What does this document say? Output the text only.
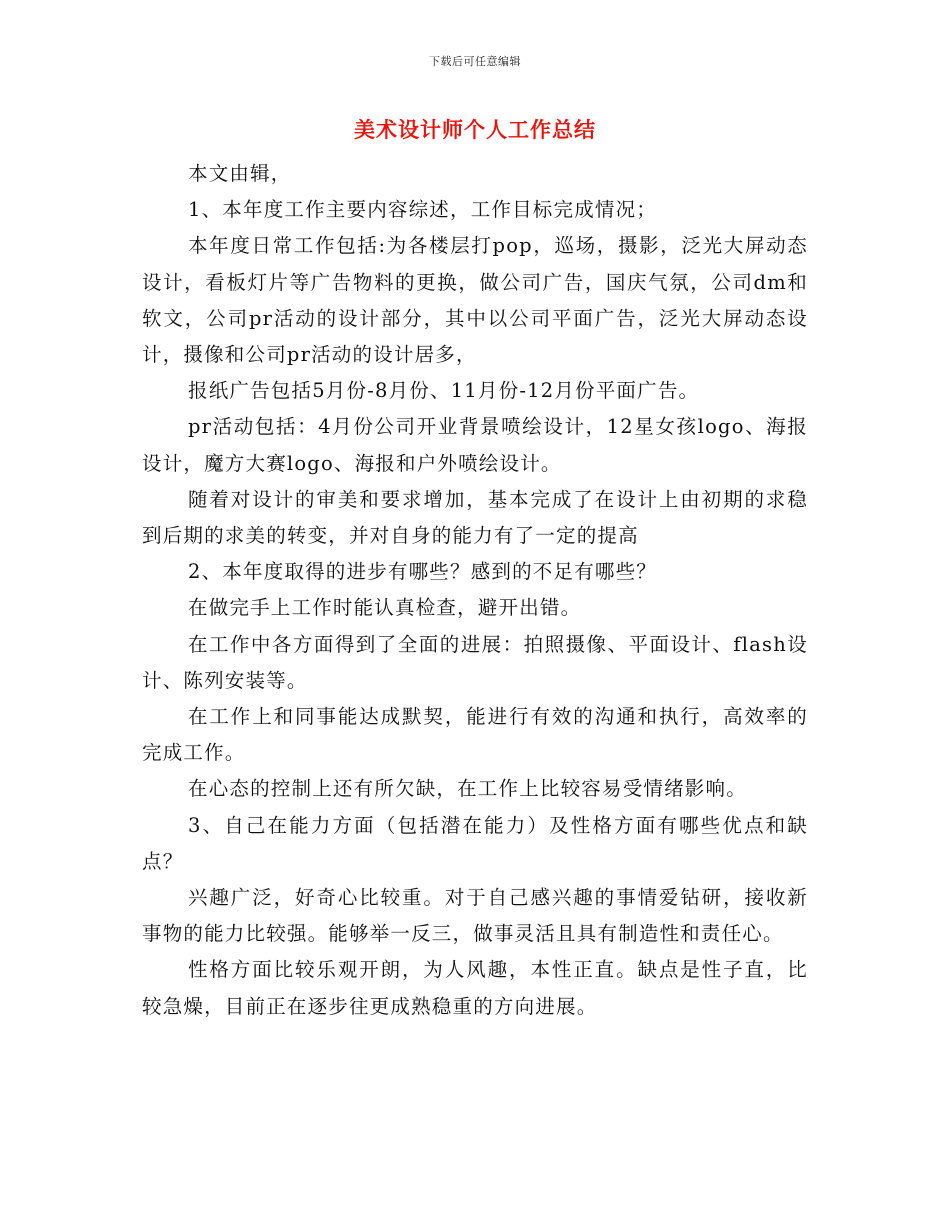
下载后可任意编辑
美术设计师个人工作总结

本文由辑，

1、本年度工作主要内容综述，工作目标完成情况；

本年度日常工作包括:为各楼层打pop，巡场，摄影，泛光大屏动态设计，看板灯片等广告物料的更换，做公司广告，国庆气氛，公司dm和软文，公司pr活动的设计部分，其中以公司平面广告，泛光大屏动态设计，摄像和公司pr活动的设计居多，

报纸广告包括5月份-8月份、11月份-12月份平面广告。

pr活动包括：4月份公司开业背景喷绘设计，12星女孩logo、海报设计，魔方大赛logo、海报和户外喷绘设计。

随着对设计的审美和要求增加，基本完成了在设计上由初期的求稳到后期的求美的转变，并对自身的能力有了一定的提高

2、本年度取得的进步有哪些？感到的不足有哪些？

在做完手上工作时能认真检查，避开出错。

在工作中各方面得到了全面的进展：拍照摄像、平面设计、flash设计、陈列安装等。

在工作上和同事能达成默契，能进行有效的沟通和执行，高效率的完成工作。

在心态的控制上还有所欠缺，在工作上比较容易受情绪影响。

3、自己在能力方面（包括潜在能力）及性格方面有哪些优点和缺点？

兴趣广泛，好奇心比较重。对于自己感兴趣的事情爱钻研，接收新事物的能力比较强。能够举一反三，做事灵活且具有制造性和责任心。

性格方面比较乐观开朗，为人风趣，本性正直。缺点是性子直，比较急燥，目前正在逐步往更成熟稳重的方向进展。
